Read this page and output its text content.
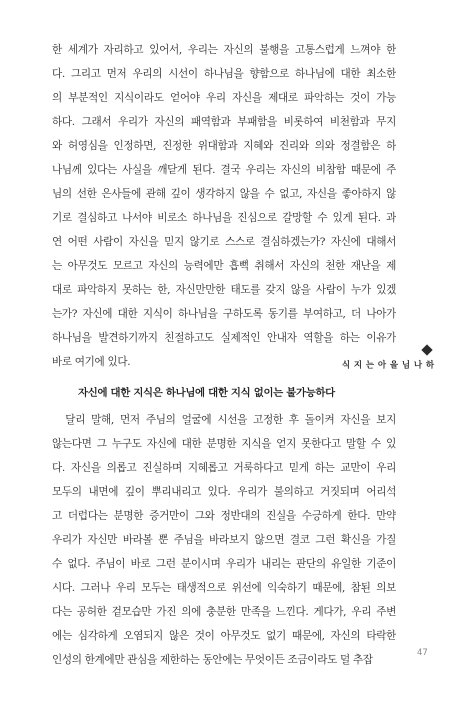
한 세계가 자리하고 있어서, 우리는 자신의 불행을 고통스럽게 느껴야 한
다. 그리고 먼저 우리의 시선이 하나님을 향함으로 하나님에 대한 최소한
의 부분적인 지식이라도 얻어야 우리 자신을 제대로 파악하는 것이 가능
하다. 그래서 우리가 자신의 패역함과 부패함을 비롯하여 비천함과 무지
와 허영심을 인정하면, 진정한 위대함과 지혜와 진리와 의와 정결함은 하
나님께 있다는 사실을 깨닫게 된다. 결국 우리는 자신의 비참함 때문에 주
님의 선한 은사들에 관해 깊이 생각하지 않을 수 없고, 자신을 좋아하지 않
기로 결심하고 나서야 비로소 하나님을 진심으로 갈망할 수 있게 된다. 과
연 어떤 사람이 자신을 믿지 않기로 스스로 결심하겠는가? 자신에 대해서
는 아무것도 모르고 자신의 능력에만 흡뻑 취해서 자신의 천한 재난을 제
대로 파악하지 못하는 한, 자신만만한 태도를 갖지 않을 사람이 누가 있겠
는가? 자신에 대한 지식이 하나님을 구하도록 동기를 부여하고, 더 나아가
하나님을 발견하기까지 친절하고도 실제적인 안내자 역할을 하는 이유가
바로 여기에 있다.
자신에 대한 지식은 하나님에 대한 지식 없이는 불가능하다
　달리 말해, 먼저 주님의 얼굴에 시선을 고정한 후 돌이켜 자신을 보지
않는다면 그 누구도 자신에 대한 분명한 지식을 얻지 못한다고 말할 수 있
다. 자신을 의롭고 진실하며 지혜롭고 거룩하다고 믿게 하는 교만이 우리
모두의 내면에 깊이 뿌리내리고 있다. 우리가 불의하고 거짓되며 어리석
고 더럽다는 분명한 증거만이 그와 정반대의 진실을 수긍하게 한다. 만약
우리가 자신만 바라볼 뿐 주님을 바라보지 않으면 결코 그런 확신을 가질
수 없다. 주님이 바로 그런 분이시며 우리가 내리는 판단의 유일한 기준이
시다. 그러나 우리 모두는 태생적으로 위선에 익숙하기 때문에, 참된 의보
다는 공허한 겉모습만 가진 의에 충분한 만족을 느낀다. 게다가, 우리 주변
에는 심각하게 오염되지 않은 것이 아무것도 없기 때문에, 자신의 타락한
인성의 한계에만 관심을 제한하는 동안에는 무엇이든 조금이라도 덜 추잡
하나님을 아는 지식
47
